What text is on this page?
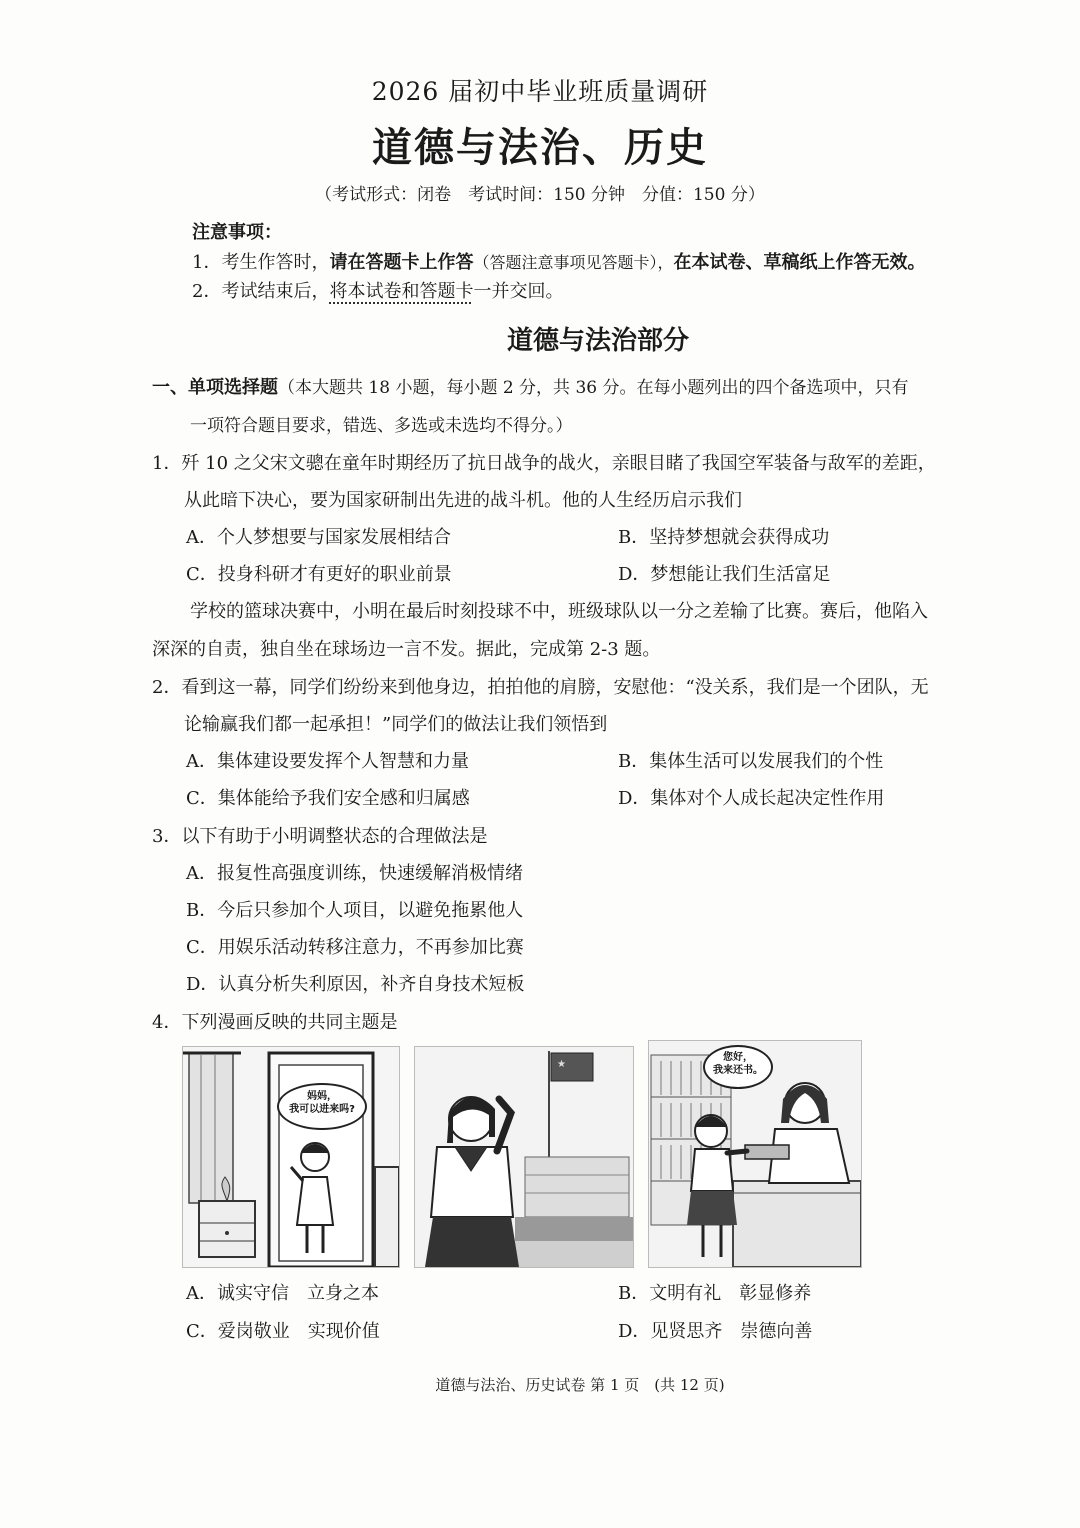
2026 届初中毕业班质量调研
道德与法治、历史
（考试形式：闭卷　考试时间：150 分钟　分值：150 分）
注意事项：
1．考生作答时，请在答题卡上作答（答题注意事项见答题卡），在本试卷、草稿纸上作答无效。
2．考试结束后，将本试卷和答题卡一并交回。
道德与法治部分
一、单项选择题（本大题共 18 小题，每小题 2 分，共 36 分。在每小题列出的四个备选项中，只有
一项符合题目要求，错选、多选或未选均不得分。）
1．歼 10 之父宋文骢在童年时期经历了抗日战争的战火，亲眼目睹了我国空军装备与敌军的差距，
从此暗下决心，要为国家研制出先进的战斗机。他的人生经历启示我们
A．个人梦想要与国家发展相结合	B．坚持梦想就会获得成功
C．投身科研才有更好的职业前景	D．梦想能让我们生活富足
学校的篮球决赛中，小明在最后时刻投球不中，班级球队以一分之差输了比赛。赛后，他陷入
深深的自责，独自坐在球场边一言不发。据此，完成第 2-3 题。
2．看到这一幕，同学们纷纷来到他身边，拍拍他的肩膀，安慰他：“没关系，我们是一个团队，无
论输赢我们都一起承担！”同学们的做法让我们领悟到
A．集体建设要发挥个人智慧和力量	B．集体生活可以发展我们的个性
C．集体能给予我们安全感和归属感	D．集体对个人成长起决定性作用
3．以下有助于小明调整状态的合理做法是
A．报复性高强度训练，快速缓解消极情绪
B．今后只参加个人项目，以避免拖累他人
C．用娱乐活动转移注意力，不再参加比赛
D．认真分析失利原因，补齐自身技术短板
4．下列漫画反映的共同主题是
妈妈，
我可以进来吗?
★
您好，
我来还书。
A．诚实守信　立身之本	B．文明有礼　彰显修养
C．爱岗敬业　实现价值	D．见贤思齐　崇德向善
道德与法治、历史试卷 第 1 页　(共 12 页)
